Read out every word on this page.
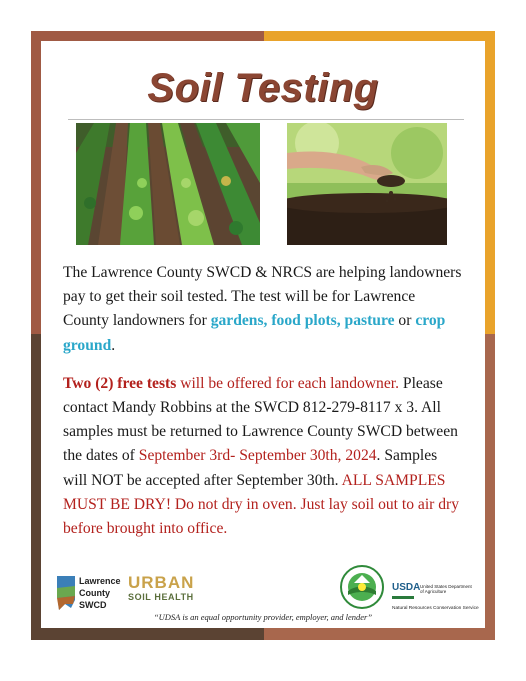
Soil Testing

The Lawrence County SWCD & NRCS are helping landowners pay to get their soil tested. The test will be for Lawrence County landowners for gardens, food plots, pasture or crop ground.

Two (2) free tests will be offered for each landowner. Please contact Mandy Robbins at the SWCD 812-279-8117 x 3. All samples must be returned to Lawrence County SWCD between the dates of September 3rd- September 30th, 2024. Samples will NOT be accepted after September 30th. ALL SAMPLES MUST BE DRY! Do not dry in oven. Just lay soil out to air dry before brought into office.

Lawrence
County
SWCD
URBAN
SOIL HEALTH
USDA United States Department of Agriculture
Natural Resources Conservation Service
“UDSA is an equal opportunity provider, employer, and lender”
